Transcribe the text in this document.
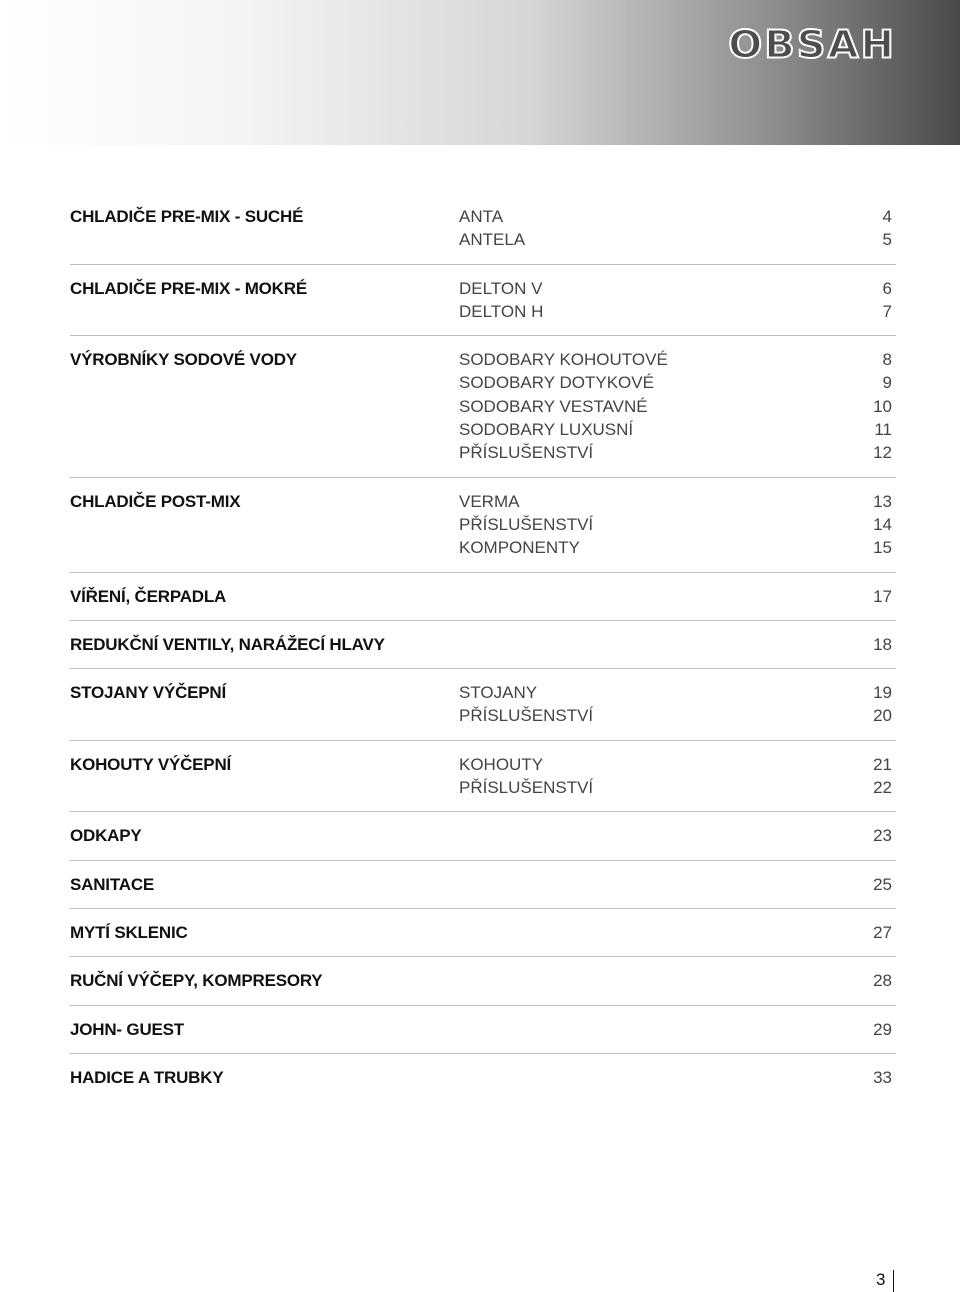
OBSAH
CHLADIČE PRE-MIX - SUCHÉ	ANTA	4
ANTELA	5
CHLADIČE PRE-MIX - MOKRÉ	DELTON V	6
DELTON H	7
VÝROBNÍKY SODOVÉ VODY	SODOBARY KOHOUTOVÉ	8
SODOBARY DOTYKOVÉ	9
SODOBARY VESTAVNÉ	10
SODOBARY LUXUSNÍ	11
PŘÍSLUŠENSTVÍ	12
CHLADIČE POST-MIX	VERMA	13
PŘÍSLUŠENSTVÍ	14
KOMPONENTY	15
VÍŘENÍ, ČERPADLA	17
REDUKČNÍ VENTILY, NARÁŽECÍ HLAVY	18
STOJANY VÝČEPNÍ	STOJANY	19
PŘÍSLUŠENSTVÍ	20
KOHOUTY VÝČEPNÍ	KOHOUTY	21
PŘÍSLUŠENSTVÍ	22
ODKAPY	23
SANITACE	25
MYTÍ SKLENIC	27
RUČNÍ VÝČEPY, KOMPRESORY	28
JOHN- GUEST	29
HADICE A TRUBKY	33
3
